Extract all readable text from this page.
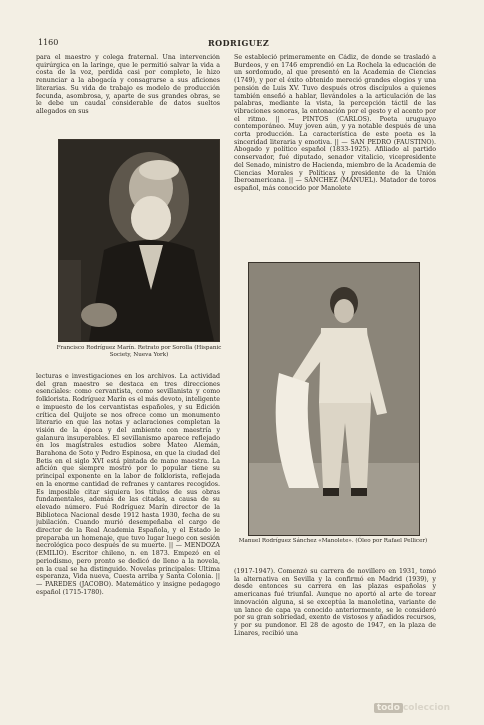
1160	RODRIGUEZ

para el maestro y colega fraternal. Una intervención quirúrgica en la laringe, que le permitió salvar la vida a costa de la voz, perdida casi por completo, le hizo renunciar a la abogacía y consagrarse a sus aficiones literarias. Su vida de trabajo es modelo de producción fecunda, asombrosa, y, aparte de sus grandes obras, se le debe un caudal considerable de datos sueltos allegados en sus

Francisco Rodríguez Marín. Retrato por Sorolla (Hispanic Society, Nueva York)

lecturas e investigaciones en los archivos. La actividad del gran maestro se destaca en tres direcciones esenciales: como cervantista, como sevillanista y como folklorista. Rodríguez Marín es el más devoto, inteligente e impuesto de los cervantistas españoles, y su Edición crítica del Quijote se nos ofrece como un monumento literario en que las notas y aclaraciones completan la visión de la época y del ambiente con maestría y galanura insuperables. El sevillanismo aparece reflejado en los magistrales estudios sobre Mateo Alemán, Barahona de Soto y Pedro Espinosa, en que la ciudad del Betis en el siglo XVI está pintada de mano maestra. La afición que siempre mostró por lo popular tiene su principal exponente en la labor de folklorista, reflejada en la enorme cantidad de refranes y cantares recogidos. Es imposible citar siquiera los títulos de sus obras fundamentales, además de las citadas, a causa de su elevado número. Fué Rodríguez Marín director de la Biblioteca Nacional desde 1912 hasta 1930, fecha de su jubilación. Cuando murió desempeñaba el cargo de director de la Real Academia Española, y el Estado le preparaba un homenaje, que tuvo lugar luego con sesión necrológica poco después de su muerte. || — MENDOZA (EMILIO). Escritor chileno, n. en 1873. Empezó en el periodismo, pero pronto se dedicó de lleno a la novela, en la cual se ha distinguido. Novelas principales: Ultima esperanza, Vida nueva, Cuesta arriba y Santa Colonia. || — PAREDES (JACOBO). Matemático y insigne pedagogo español (1715-1780).

Se estableció primeramente en Cádiz, de donde se trasladó a Burdeos, y en 1746 emprendió en La Rochela la educación de un sordomudo, al que presentó en la Academia de Ciencias (1749), y por el éxito obtenido mereció grandes elogios y una pensión de Luis XV. Tuvo después otros discípulos a quienes también enseñó a hablar, llevándoles a la articulación de las palabras, mediante la vista, la percepción táctil de las vibraciones sonoras, la entonación por el gesto y el acento por el ritmo. || — PINTOS (CARLOS). Poeta uruguayo contemporáneo. Muy joven aún, y ya notable después de una corta producción. La característica de este poeta es la sinceridad literaria y emotiva. || — SAN PEDRO (FAUSTINO). Abogado y político español (1833-1925). Afiliado al partido conservador, fué diputado, senador vitalicio, vicepresidente del Senado, ministro de Hacienda, miembro de la Academia de Ciencias Morales y Políticas y presidente de la Unión Iberoamericana. || — SÁNCHEZ (MANUEL). Matador de toros español, más conocido por Manolete

Manuel Rodríguez Sánchez «Manolete». (Óleo por Rafael Pellicer)

(1917-1947). Comenzó su carrera de novillero en 1931, tomó la alternativa en Sevilla y la confirmó en Madrid (1939), y desde entonces su carrera en las plazas españolas y americanas fué triunfal. Aunque no aportó al arte de torear innovación alguna, si se exceptúa la manoletina, variante de un lance de capa ya conocido anteriormente, se le consideró por su gran sobriedad, exento de vistosos y añadidos recursos, y por su pundonor. El 28 de agosto de 1947, en la plaza de Linares, recibió una

todo coleccion
